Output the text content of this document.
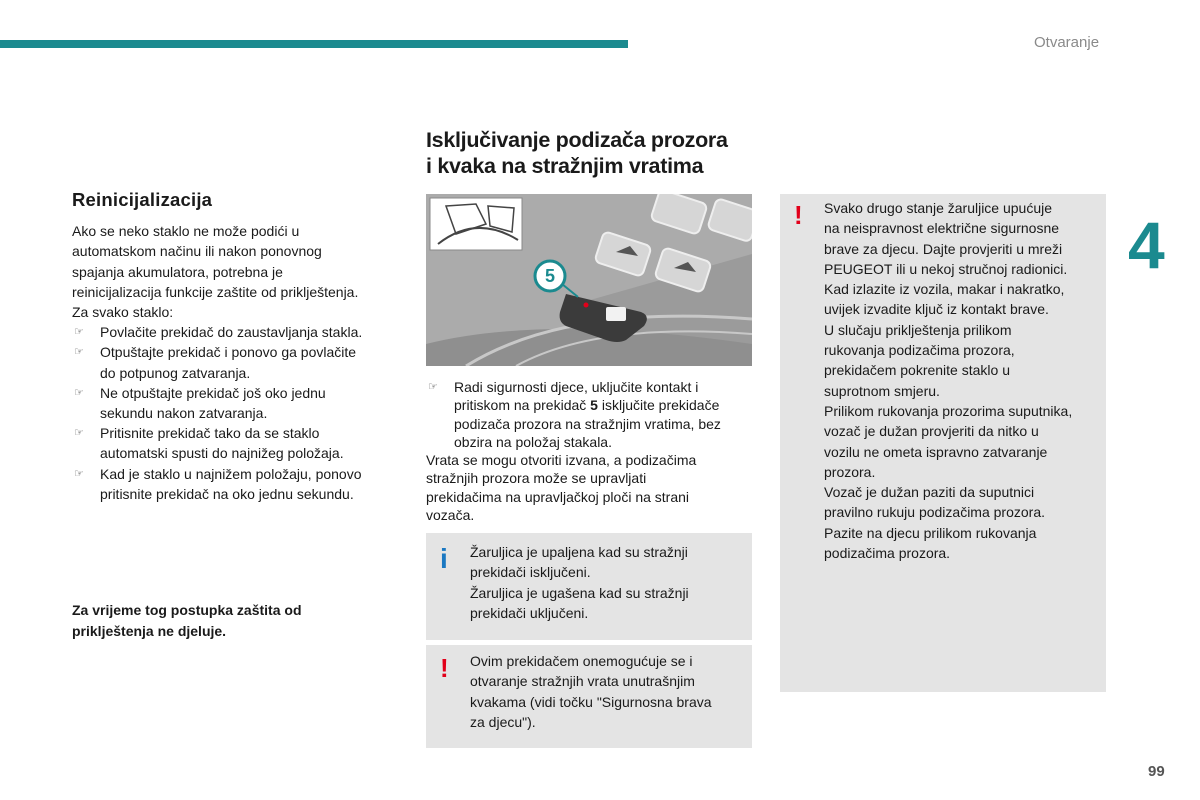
Otvaranje
4
99
Reinicijalizacija

Ako se neko staklo ne može podići u

automatskom načinu ili nakon ponovnog

spajanja akumulatora, potrebna je

reinicijalizacija funkcije zaštite od priklještenja.

Za svako staklo:

☞ Povlačite prekidač do zaustavljanja stakla.
☞ Otpuštajte prekidač i ponovo ga povlačite
do potpunog zatvaranja.
☞ Ne otpuštajte prekidač još oko jednu
sekundu nakon zatvaranja.
☞ Pritisnite prekidač tako da se staklo
automatski spusti do najnižeg položaja.
☞ Kad je staklo u najnižem položaju, ponovo
pritisnite prekidač na oko jednu sekundu.
Za vrijeme tog postupka zaštita od
priklještenja ne djeluje.
Isključivanje podizača prozora
i kvaka na stražnjim vratima
5
☞ Radi sigurnosti djece, uključite kontakt i pritiskom na prekidač 5 isključite prekidače podizača prozora na stražnjim vratima, bez obzira na položaj stakala.

Vrata se mogu otvoriti izvana, a podizačima

stražnjih prozora može se upravljati

prekidačima na upravljačkoj ploči na strani

vozača.

i Žaruljica je upaljena kad su stražnji

prekidači isključeni.

Žaruljica je ugašena kad su stražnji

prekidači uključeni.

! Ovim prekidačem onemogućuje se i

otvaranje stražnjih vrata unutrašnjim

kvakama (vidi točku "Sigurnosna brava

za djecu").

! Svako drugo stanje žaruljice upućuje

na neispravnost električne sigurnosne

brave za djecu. Dajte provjeriti u mreži

PEUGEOT ili u nekoj stručnoj radionici.

Kad izlazite iz vozila, makar i nakratko,

uvijek izvadite ključ iz kontakt brave.

U slučaju priklještenja prilikom

rukovanja podizačima prozora,

prekidačem pokrenite staklo u

suprotnom smjeru.

Prilikom rukovanja prozorima suputnika,

vozač je dužan provjeriti da nitko u

vozilu ne ometa ispravno zatvaranje

prozora.

Vozač je dužan paziti da suputnici

pravilno rukuju podizačima prozora.

Pazite na djecu prilikom rukovanja

podizačima prozora.
